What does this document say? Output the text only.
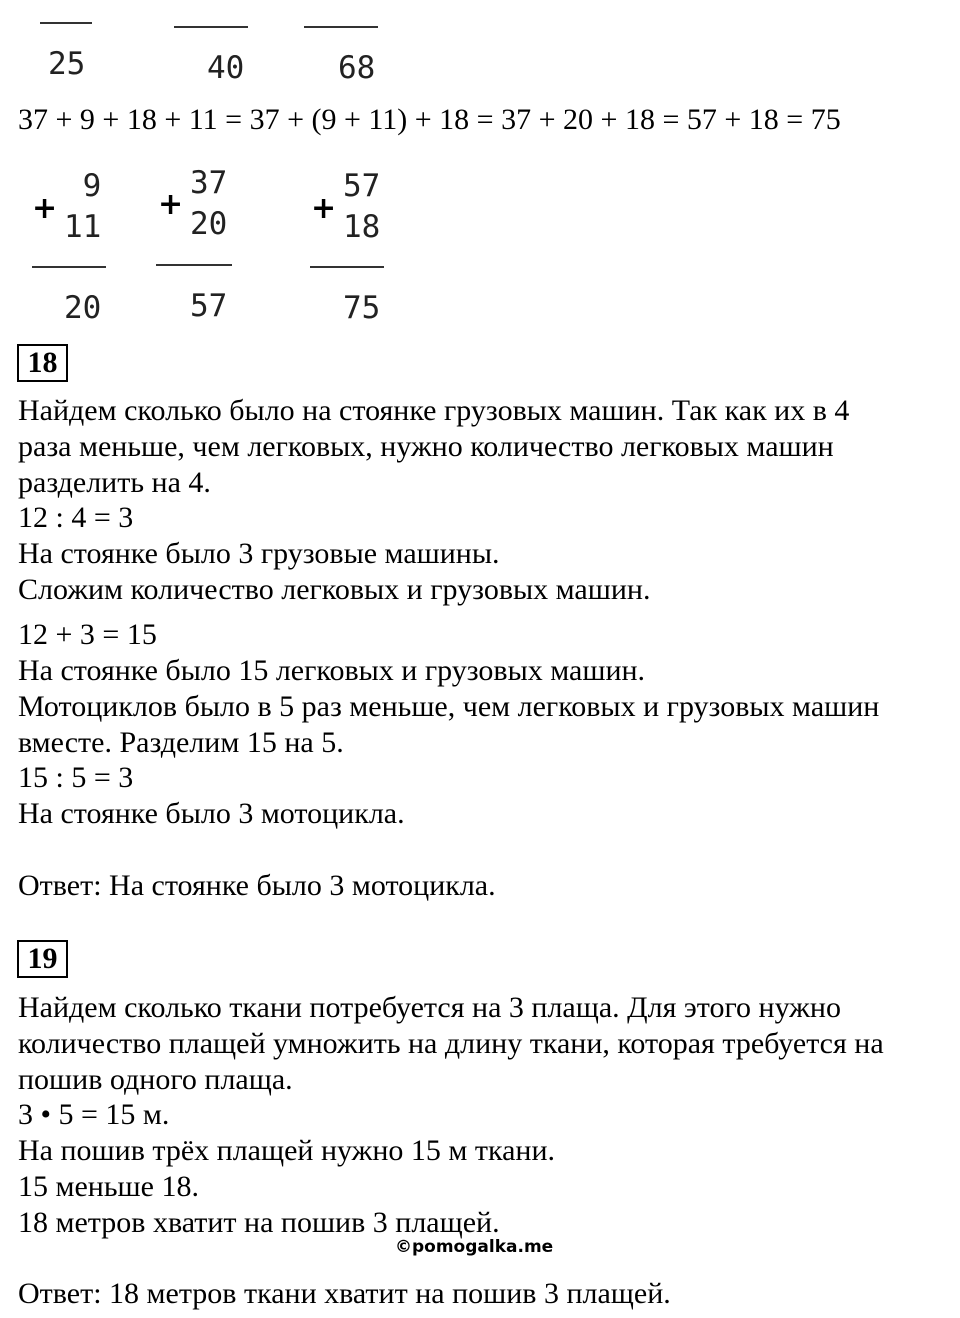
25	40	68
37 + 9 + 18 + 11 = 37 + (9 + 11) + 18 = 37 + 20 + 18 = 57 + 18 = 75
+
9
11
20
+
37
20
57
+
57
18
75
18
Найдем сколько было на стоянке грузовых машин. Так как их в 4
раза меньше, чем легковых, нужно количество легковых машин
разделить на 4.
12 : 4 = 3
На стоянке было 3 грузовые машины.
Сложим количество легковых и грузовых машин.
12 + 3 = 15
На стоянке было 15 легковых и грузовых машин.
Мотоциклов было в 5 раз меньше, чем легковых и грузовых машин
вместе. Разделим 15 на 5.
15 : 5 = 3
На стоянке было 3 мотоцикла.
Ответ: На стоянке было 3 мотоцикла.
19
Найдем сколько ткани потребуется на 3 плаща. Для этого нужно
количество плащей умножить на длину ткани, которая требуется на
пошив одного плаща.
3 • 5 = 15 м.
На пошив трёх плащей нужно 15 м ткани.
15 меньше 18.
18 метров хватит на пошив 3 плащей.
©pomogalka.me
Ответ: 18 метров ткани хватит на пошив 3 плащей.
